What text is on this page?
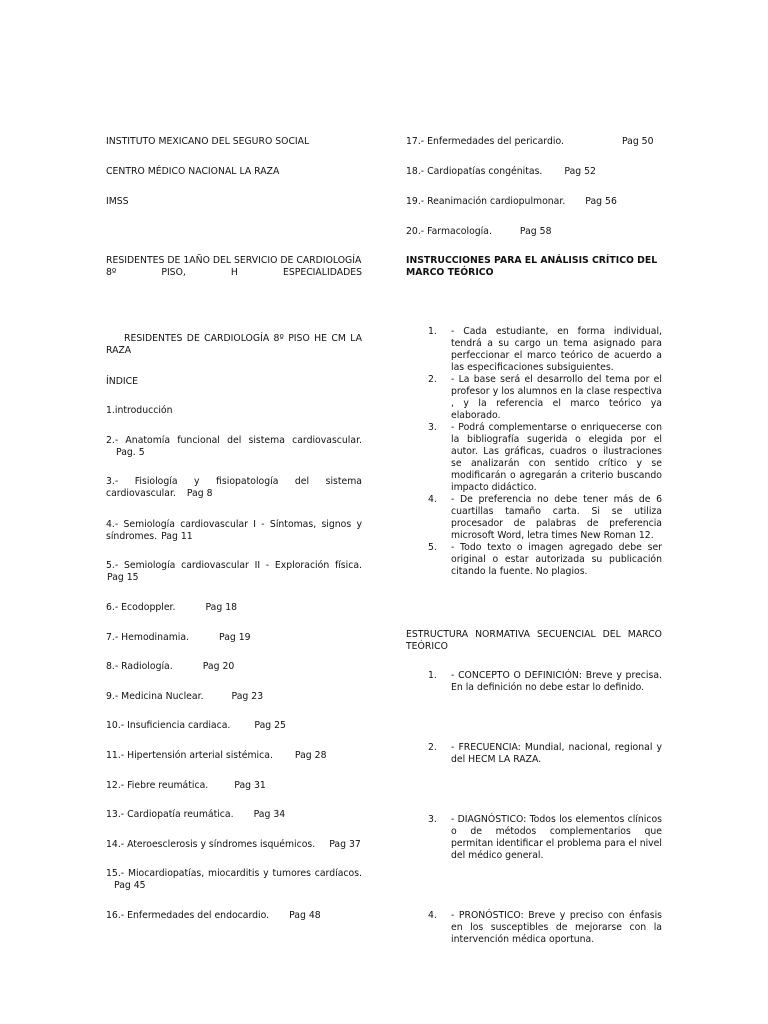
INSTITUTO MEXICANO DEL SEGURO SOCIAL

CENTRO MÉDICO NACIONAL LA RAZA

IMSS

RESIDENTES DE 1AÑO DEL SERVICIO DE CARDIOLOGÍA

8º PISO, H ESPECIALIDADES

RESIDENTES DE CARDIOLOGÍA 8º PISO HE CM LA RAZA

ÍNDICE

1.introducción

2.- Anatomía funcional del sistema cardiovascular. Pag. 5

3.- Fisiología y fisiopatología del sistema cardiovascular. Pag 8

4.- Semiología cardiovascular I - Síntomas, signos y síndromes. Pag 11

5.- Semiología cardiovascular II - Exploración física. Pag 15

6.- Ecodoppler.	Pag 18

7.- Hemodinamia.	Pag 19

8.- Radiología.	Pag 20

9.- Medicina Nuclear.	Pag 23

10.- Insuficiencia cardiaca.	Pag 25

11.- Hipertensión arterial sistémica. Pag 28

12.- Fiebre reumática.	Pag 31

13.- Cardiopatía reumática. Pag 34

14.- Ateroesclerosis y síndromes isquémicos. Pag 37

15.- Miocardiopatías, miocarditis y tumores cardíacos. Pag 45

16.- Enfermedades del endocardio. Pag 48

17.- Enfermedades del pericardio.	Pag 50

18.- Cardiopatías congénitas. Pag 52

19.- Reanimación cardiopulmonar. Pag 56

20.- Farmacología.	Pag 58

INSTRUCCIONES PARA EL ANÁLISIS CRÍTICO DEL MARCO TEÓRICO

1. - Cada estudiante, en forma individual, tendrá a su cargo un tema asignado para perfeccionar el marco teórico de acuerdo a las especificaciones subsiguientes.
2. - La base será el desarrollo del tema por el profesor y los alumnos en la clase respectiva , y la referencia el marco teórico ya elaborado.
3. - Podrá complementarse o enriquecerse con la bibliografía sugerida o elegida por el autor. Las gráficas, cuadros o ilustraciones se analizarán con sentido crítico y se modificarán o agregarán a criterio buscando impacto didáctico.
4. - De preferencia no debe tener más de 6 cuartillas tamaño carta. Si se utiliza procesador de palabras de preferencia microsoft Word, letra times New Roman 12.
5. - Todo texto o imagen agregado debe ser original o estar autorizada su publicación citando la fuente. No plagios.

ESTRUCTURA NORMATIVA SECUENCIAL DEL MARCO TEÓRICO

1. - CONCEPTO O DEFINICIÓN: Breve y precisa. En la definición no debe estar lo definido.
2. - FRECUENCIA: Mundial, nacional, regional y del HECM LA RAZA.
3. - DIAGNÓSTICO: Todos los elementos clínicos o de métodos complementarios que permitan identificar el problema para el nivel del médico general.
4. - PRONÓSTICO: Breve y preciso con énfasis en los susceptibles de mejorarse con la intervención médica oportuna.
